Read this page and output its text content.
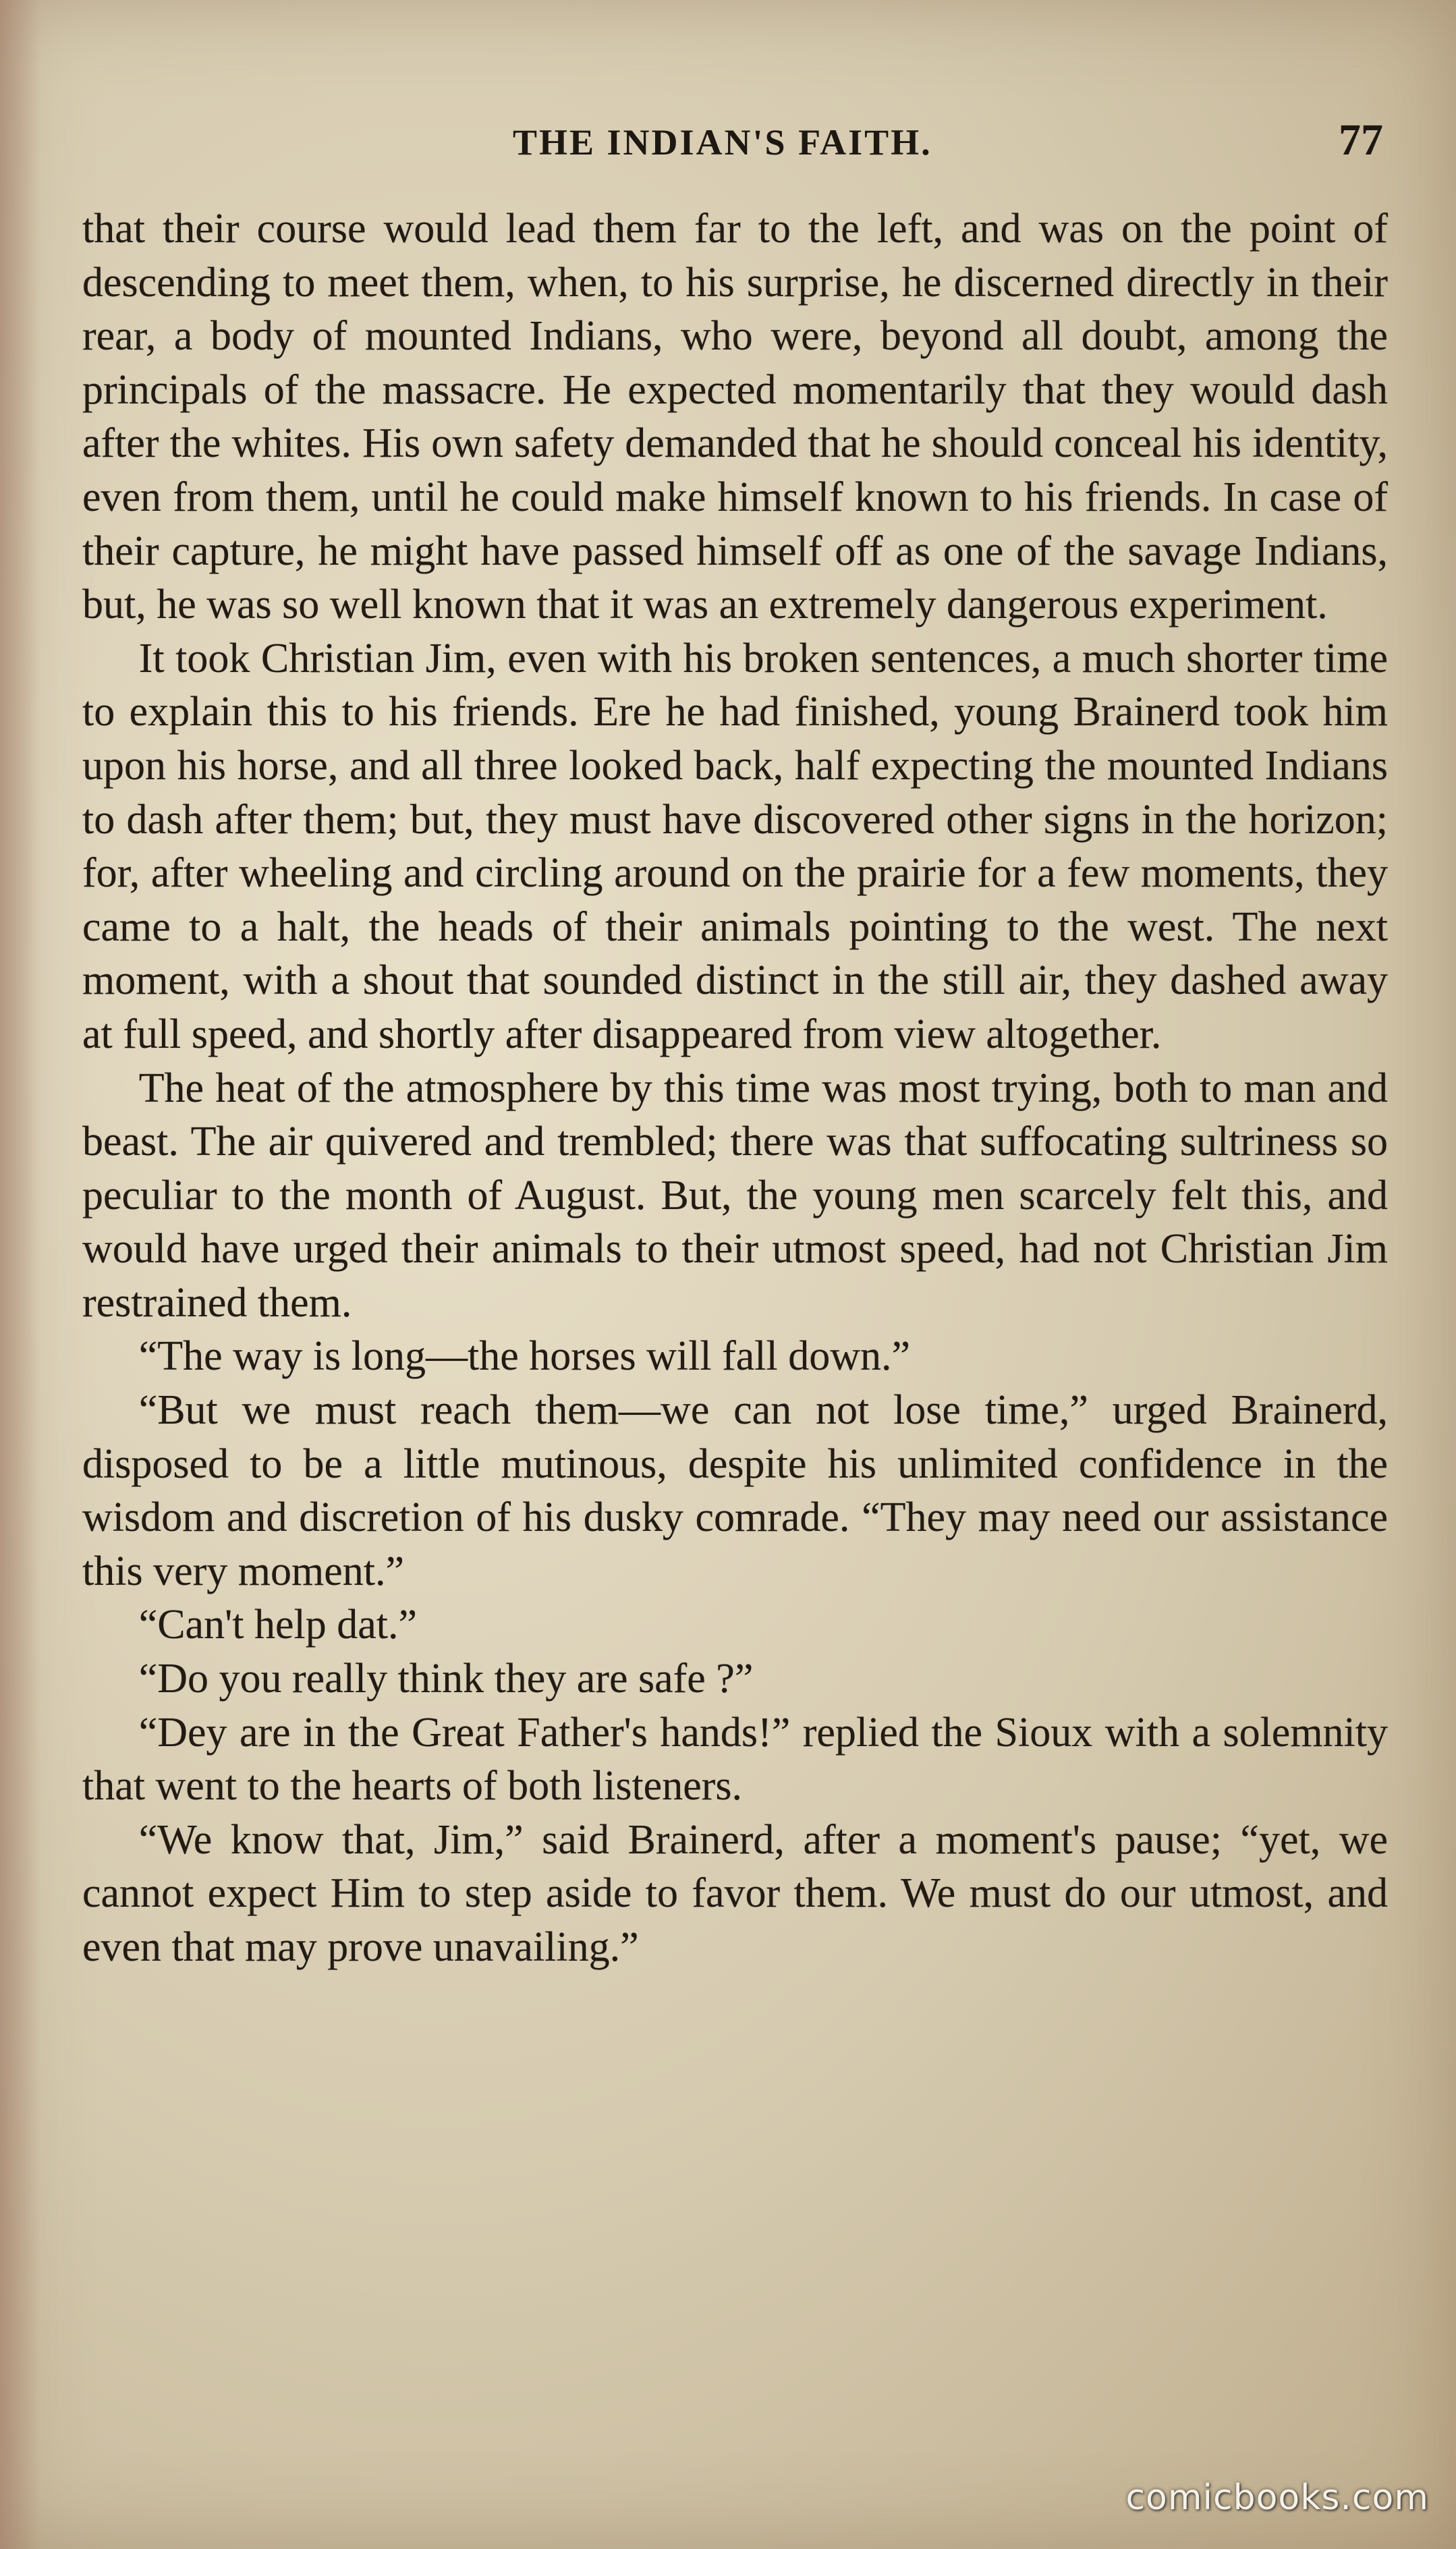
THE INDIAN'S FAITH.	77

that their course would lead them far to the left, and was on the point of descending to meet them, when, to his surprise, he discerned directly in their rear, a body of mounted Indians, who were, beyond all doubt, among the principals of the massacre. He expected momentarily that they would dash after the whites. His own safety demanded that he should conceal his identity, even from them, until he could make himself known to his friends. In case of their capture, he might have passed himself off as one of the savage Indians, but, he was so well known that it was an extremely dangerous experiment.

It took Christian Jim, even with his broken sentences, a much shorter time to explain this to his friends. Ere he had finished, young Brainerd took him upon his horse, and all three looked back, half expecting the mounted Indians to dash after them; but, they must have discovered other signs in the horizon; for, after wheeling and circling around on the prairie for a few moments, they came to a halt, the heads of their animals pointing to the west. The next moment, with a shout that sounded distinct in the still air, they dashed away at full speed, and shortly after disappeared from view altogether.

The heat of the atmosphere by this time was most trying, both to man and beast. The air quivered and trembled; there was that suffocating sultriness so peculiar to the month of August. But, the young men scarcely felt this, and would have urged their animals to their utmost speed, had not Christian Jim restrained them.

“The way is long—the horses will fall down.”

“But we must reach them—we can not lose time,” urged Brainerd, disposed to be a little mutinous, despite his unlimited confidence in the wisdom and discretion of his dusky comrade. “They may need our assistance this very moment.”

“Can't help dat.”

“Do you really think they are safe ?”

“Dey are in the Great Father's hands!” replied the Sioux with a solemnity that went to the hearts of both listeners.

“We know that, Jim,” said Brainerd, after a moment's pause; “yet, we cannot expect Him to step aside to favor them. We must do our utmost, and even that may prove unavailing.”

comicbooks.com
